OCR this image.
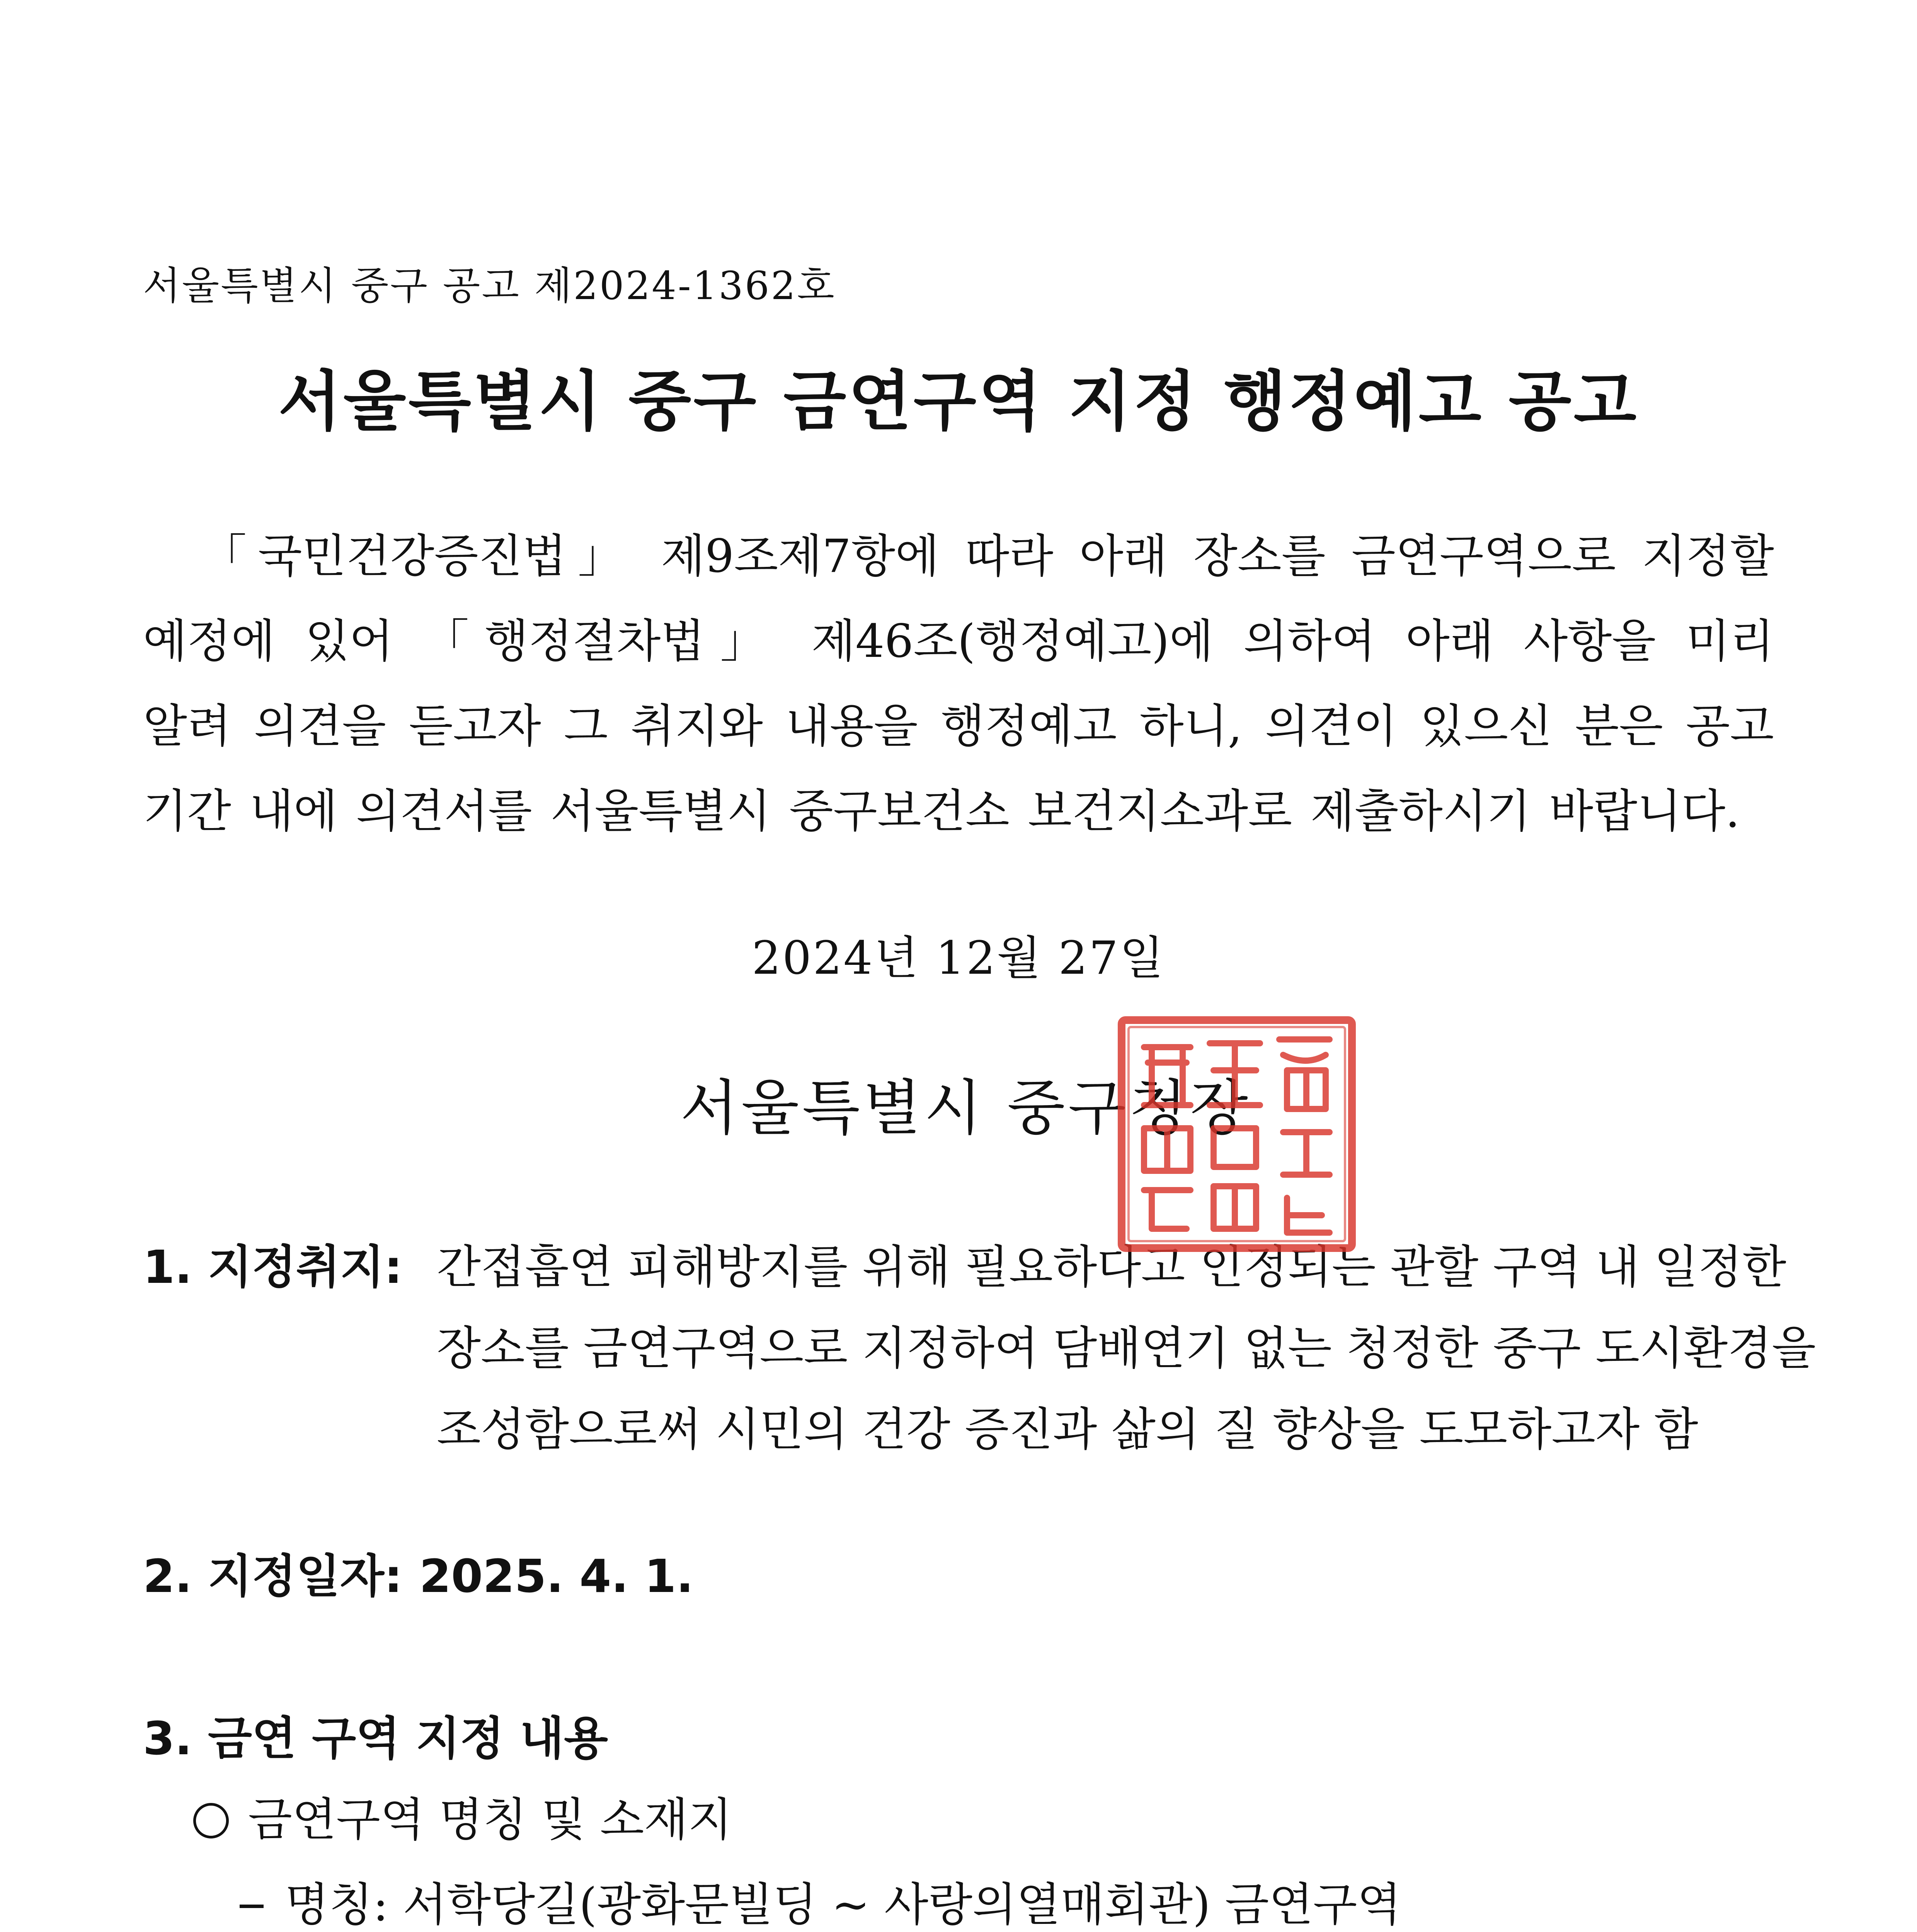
서울특별시 중구 공고 제2024-1362호
서울특별시 중구 금연구역 지정 행정예고 공고
「국민건강증진법」 제9조제7항에 따라 아래 장소를 금연구역으로 지정할
예정에 있어 「행정절차법」 제46조(행정예고)에 의하여 아래 사항을 미리
알려 의견을 듣고자 그 취지와 내용을 행정예고 하니, 의견이 있으신 분은 공고
기간 내에 의견서를 서울특별시 중구보건소 보건지소과로 제출하시기 바랍니다.
2024년 12월 27일
서울특별시 중구청장
1. 지정취지: 간접흡연 피해방지를 위해 필요하다고 인정되는 관할 구역 내 일정한
장소를 금연구역으로 지정하여 담배연기 없는 청정한 중구 도시환경을
조성함으로써 시민의 건강 증진과 삶의 질 향상을 도모하고자 함
2. 지정일자: 2025. 4. 1.
3. 금연 구역 지정 내용
금연구역 명칭 및 소재지
명칭: 서학당길(광화문빌딩 ~ 사랑의열매회관) 금연구역
